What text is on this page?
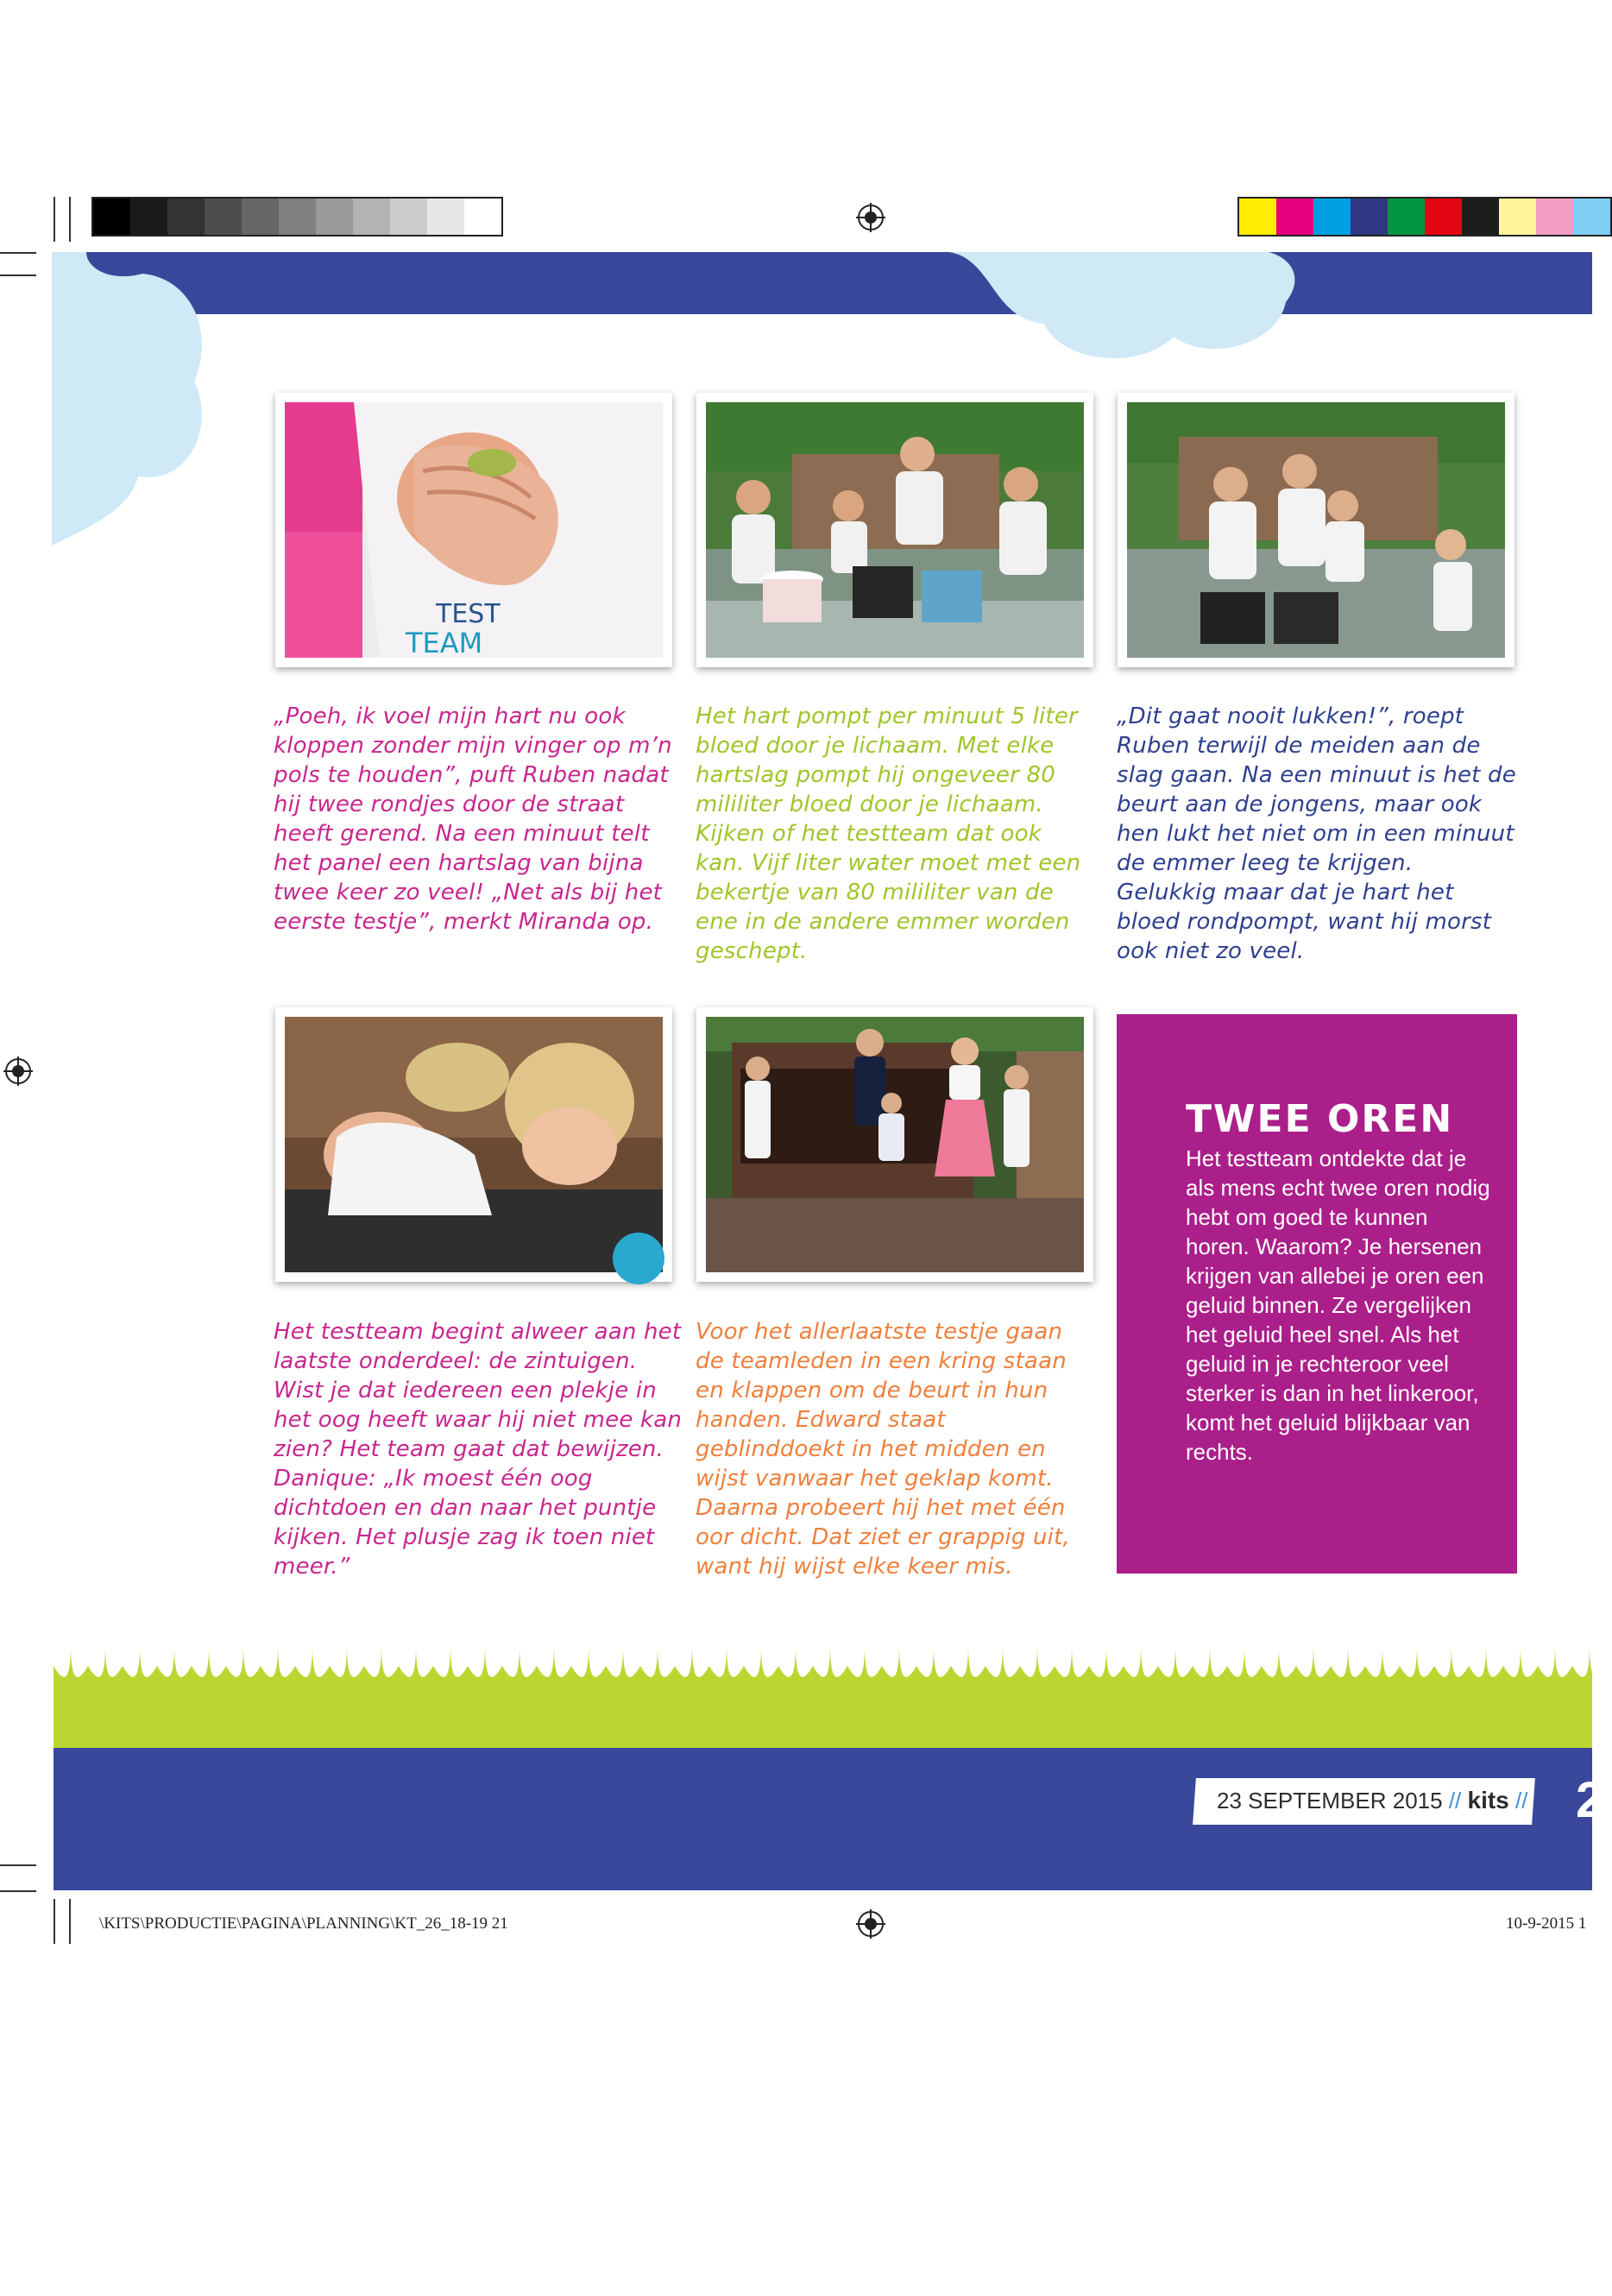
TEST
TEAM
„Poeh, ik voel mijn hart nu ook kloppen zonder mijn vinger op m’n pols te houden”, puft Ruben nadat hij twee rondjes door de straat heeft gerend. Na een minuut telt het panel een hartslag van bijna twee keer zo veel! „Net als bij het eerste testje”, merkt Miranda op.
Het hart pompt per minuut 5 liter bloed door je lichaam. Met elke hartslag pompt hij ongeveer 80 mililiter bloed door je lichaam. Kijken of het testteam dat ook kan. Vijf liter water moet met een bekertje van 80 mililiter van de ene in de andere emmer worden geschept.
„Dit gaat nooit lukken!”, roept Ruben terwijl de meiden aan de slag gaan. Na een minuut is het de beurt aan de jongens, maar ook hen lukt het niet om in een minuut de emmer leeg te krijgen. Gelukkig maar dat je hart het bloed rondpompt, want hij morst ook niet zo veel.
Het testteam begint alweer aan het laatste onderdeel: de zintuigen. Wist je dat iedereen een plekje in het oog heeft waar hij niet mee kan zien? Het team gaat dat bewijzen. Danique: „Ik moest één oog dichtdoen en dan naar het puntje kijken. Het plusje zag ik toen niet meer.”
Voor het allerlaatste testje gaan de teamleden in een kring staan en klappen om de beurt in hun handen. Edward staat geblinddoekt in het midden en wijst vanwaar het geklap komt. Daarna probeert hij het met één oor dicht. Dat ziet er grappig uit, want hij wijst elke keer mis.
TWEE OREN
Het testteam ontdekte dat je als mens echt twee oren nodig hebt om goed te kunnen horen. Waarom? Je hersenen krijgen van allebei je oren een geluid binnen. Ze vergelijken het geluid heel snel. Als het geluid in je rechteroor veel sterker is dan in het linkeroor, komt het geluid blijkbaar van rechts.
23 SEPTEMBER 2015 // kits // 2
\KITS\PRODUCTIE\PAGINA\PLANNING\KT_26_18-19 21	10-9-2015 1
